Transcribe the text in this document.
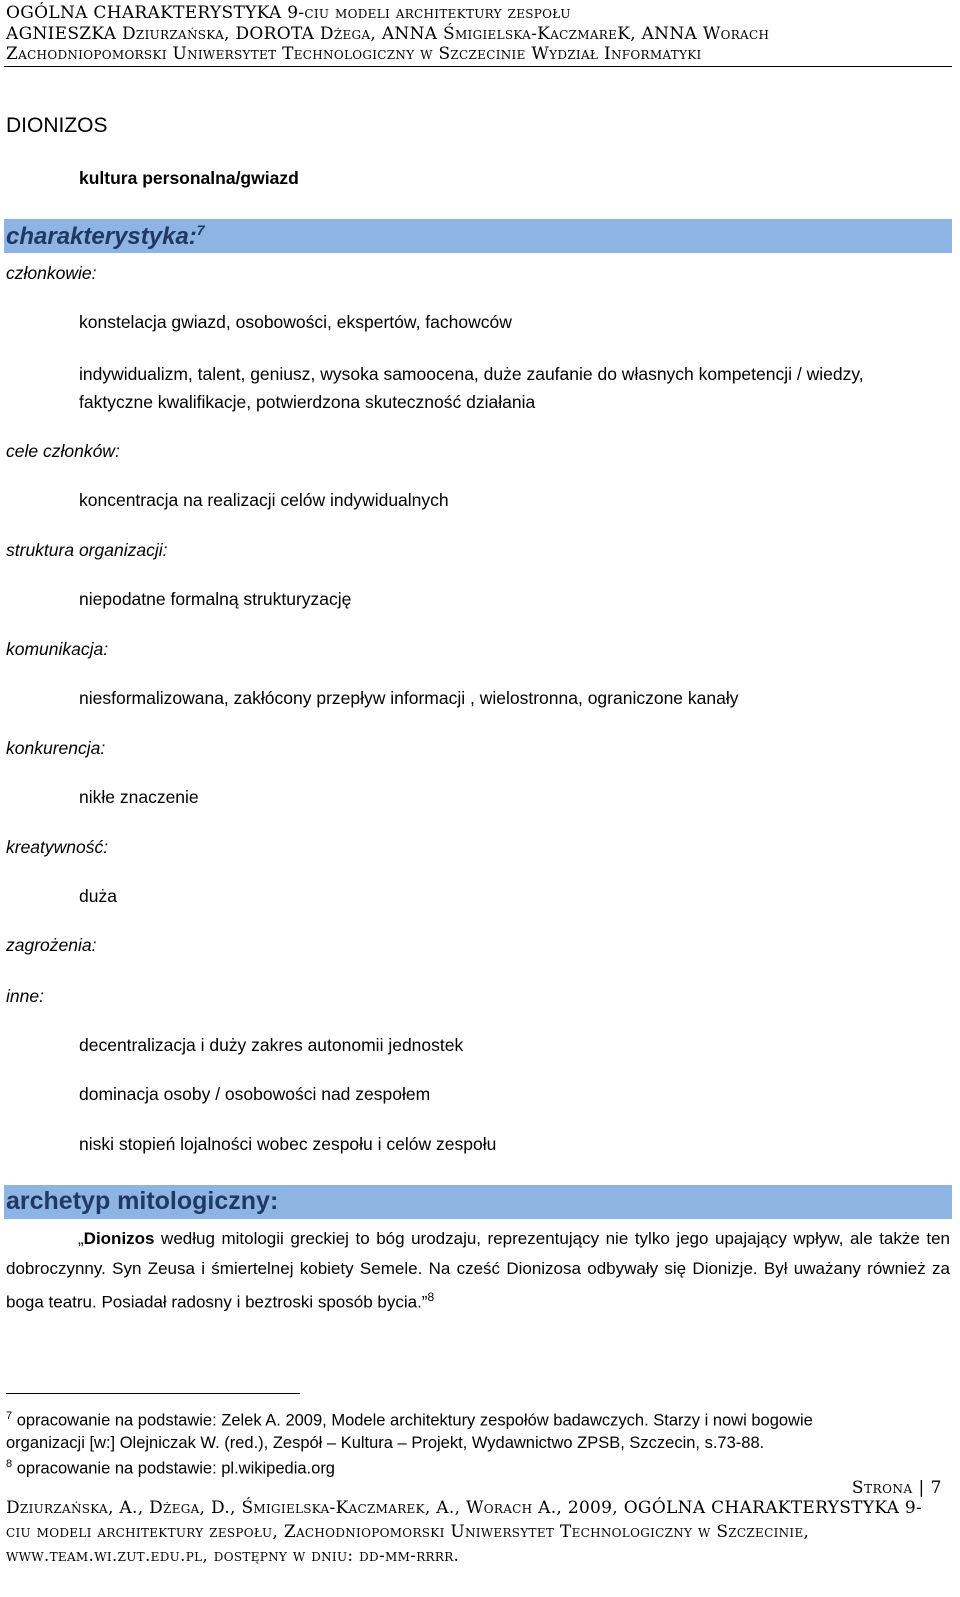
OGÓLNA CHARAKTERYSTYKA 9-ciu modeli architektury zespołu
AGNIESZKA Dziurzańska, DOROTA Dżega, ANNA Śmigielska-KaczmareK, ANNA Worach
Zachodniopomorski Uniwersytet Technologiczny w Szczecinie Wydział Informatyki
DIONIZOS
kultura personalna/gwiazd
charakterystyka:$^7$
członkowie:
konstelacja gwiazd, osobowości, ekspertów, fachowców
indywidualizm, talent, geniusz, wysoka samoocena, duże zaufanie do własnych kompetencji / wiedzy,
faktyczne kwalifikacje, potwierdzona skuteczność działania
cele członków:
koncentracja na realizacji celów indywidualnych
struktura organizacji:
niepodatne formalną strukturyzację
komunikacja:
niesformalizowana, zakłócony przepływ informacji , wielostronna, ograniczone kanały
konkurencja:
nikłe znaczenie
kreatywność:
duża
zagrożenia:
inne:
decentralizacja i duży zakres autonomii jednostek
dominacja osoby / osobowości nad zespołem
niski stopień lojalności wobec zespołu i celów zespołu
archetyp mitologiczny:
„Dionizos według mitologii greckiej to bóg urodzaju, reprezentujący nie tylko jego upajający wpływ, ale także ten dobroczynny. Syn Zeusa i śmiertelnej kobiety Semele. Na cześć Dionizosa odbywały się Dionizje. Był uważany również za boga teatru. Posiadał radosny i beztroski sposób bycia.”$^8$
$^7$ opracowanie na podstawie: Zelek A. 2009, Modele architektury zespołów badawczych. Starzy i nowi bogowie
organizacji [w:] Olejniczak W. (red.), Zespół – Kultura – Projekt, Wydawnictwo ZPSB, Szczecin, s.73-88.
$^8$ opracowanie na podstawie: pl.wikipedia.org
Strona | 7
Dziurzańska, A., Dżega, D., Śmigielska-Kaczmarek, A., Worach A., 2009, OGÓLNA CHARAKTERYSTYKA 9-
ciu modeli architektury zespołu, Zachodniopomorski Uniwersytet Technologiczny w Szczecinie,
www.team.wi.zut.edu.pl, dostępny w dniu: dd-mm-rrrr.
